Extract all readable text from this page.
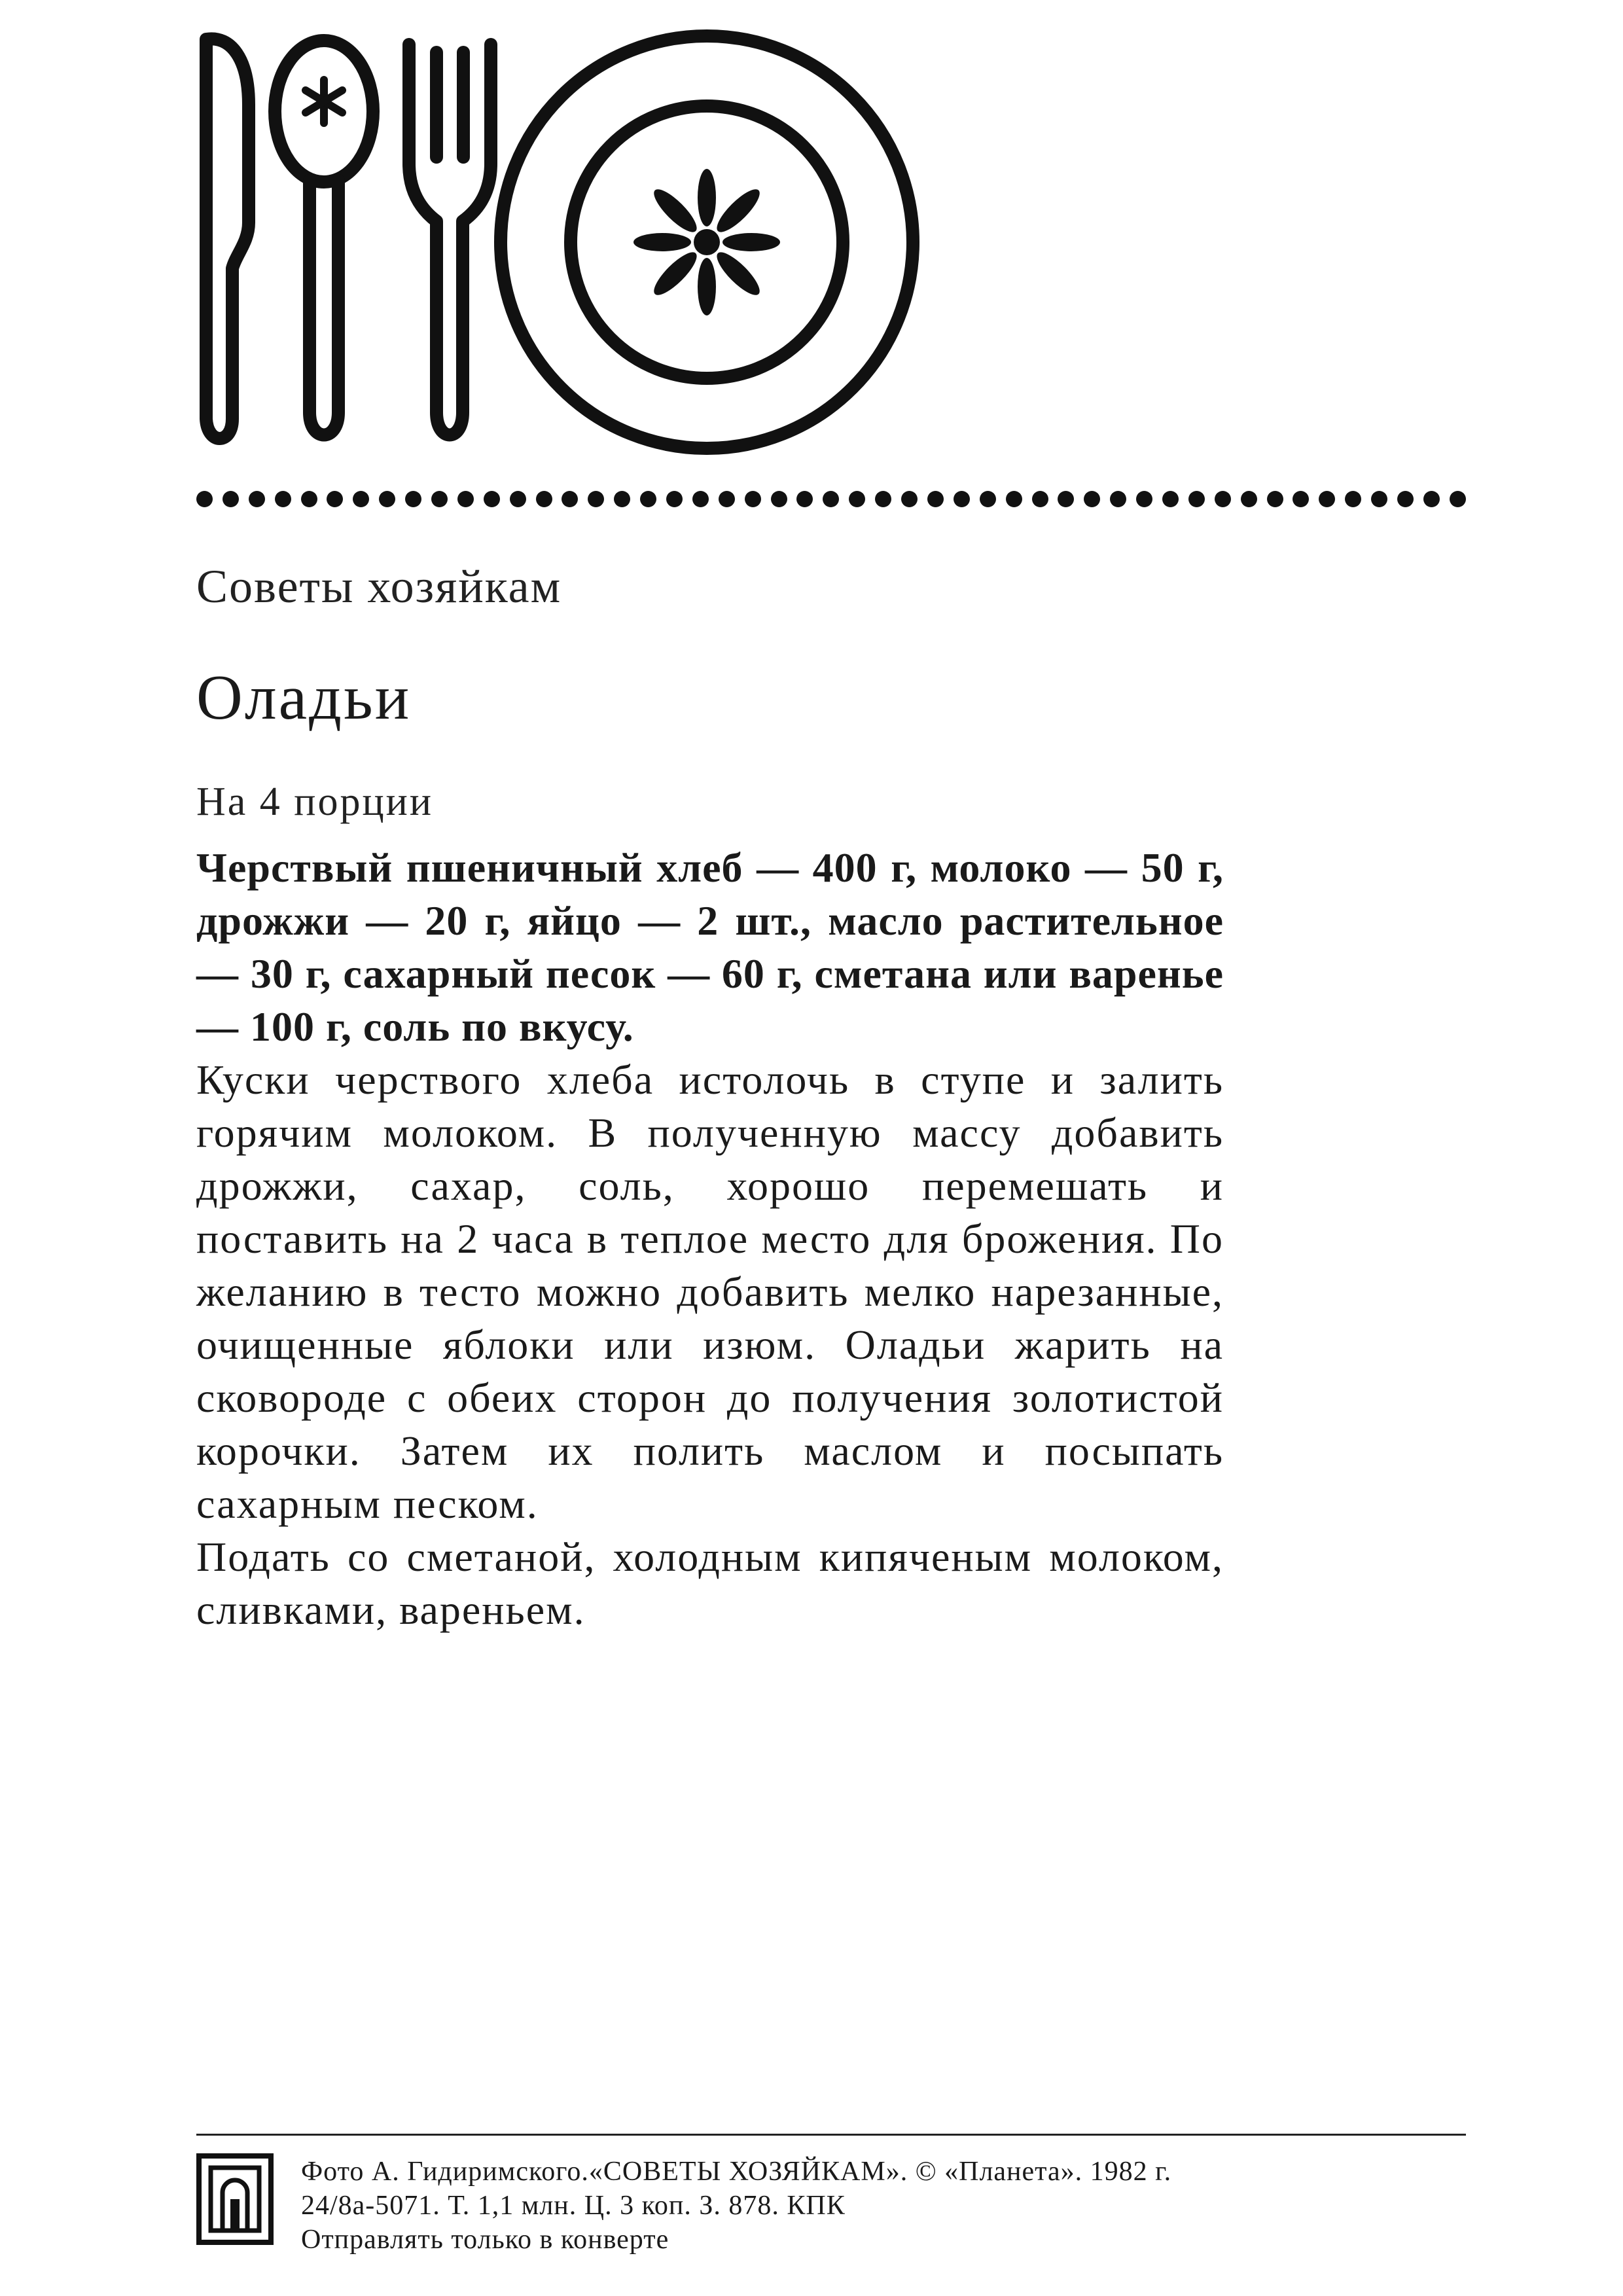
Советы хозяйкам
Оладьи
На 4 порции

Черствый пшеничный хлеб — 400 г, молоко — 50 г, дрожжи — 20 г, яйцо — 2 шт., масло растительное — 30 г, сахарный песок — 60 г, сметана или варенье — 100 г, соль по вкусу.

Куски черствого хлеба истолочь в ступе и залить горячим молоком. В полученную массу добавить дрожжи, сахар, соль, хорошо перемешать и поставить на 2 часа в теплое место для брожения. По желанию в тесто можно добавить мелко нарезанные, очищенные яблоки или изюм. Оладьи жарить на сковороде с обеих сторон до получения золотистой корочки. Затем их полить маслом и посыпать сахарным песком.

Подать со сметаной, холодным кипяченым молоком, сливками, вареньем.

Фото А. Гидиримского.«СОВЕТЫ ХОЗЯЙКАМ». © «Планета». 1982 г.
24/8а-5071. Т. 1,1 млн. Ц. 3 коп. З. 878. КПК
Отправлять только в конверте
